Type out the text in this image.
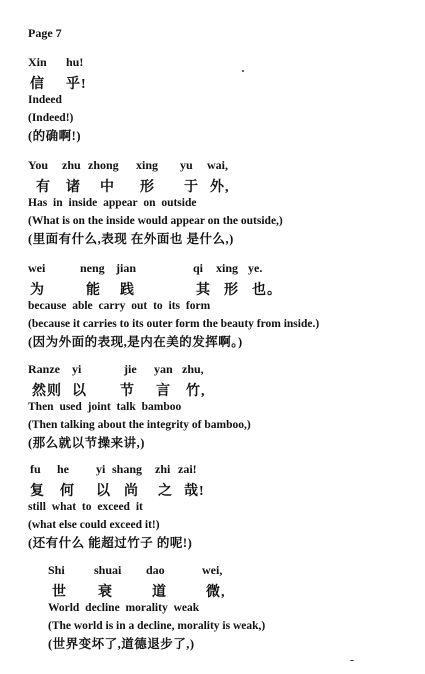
Page 7
Xin hu!
信 乎!
Indeed
(Indeed!)
(的确啊!)
You zhu zhong xing yu wai,
有 诸 中 形 于 外,
Has in inside appear on outside
(What is on the inside would appear on the outside,)
(里面有什么,表现 在外面也 是什么,)
wei	neng jian	qi xing ye.
为	能 践	其 形 也。
because able carry out to its form
(because it carries to its outer form the beauty from inside.)
(因为外面的表现,是内在美的发挥啊。)
Ranze yi	jie yan zhu,
然则 以 节 言 竹,
Then used joint talk bamboo
(Then talking about the integrity of bamboo,)
(那么就以节操来讲,)
fu he yi shang zhi zai!
复 何 以 尚 之 哉!
still what to exceed it
(what else could exceed it!)
(还有什么 能超过竹子 的呢!)
Shi shuai dao	wei,
世 衰	道	微,
World decline morality weak
(The world is in a decline, morality is weak,)
(世界变坏了,道德退步了,)
